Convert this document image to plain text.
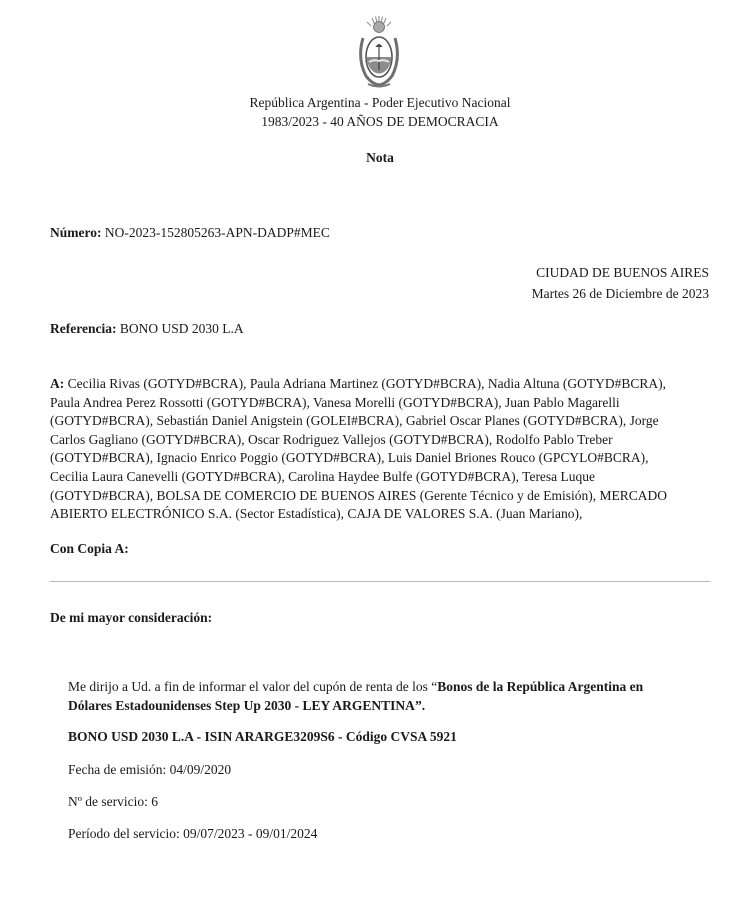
República Argentina - Poder Ejecutivo Nacional
1983/2023 - 40 AÑOS DE DEMOCRACIA
Nota
Número: NO-2023-152805263-APN-DADP#MEC
CIUDAD DE BUENOS AIRES
Martes 26 de Diciembre de 2023
Referencia: BONO USD 2030 L.A
A: Cecilia Rivas (GOTYD#BCRA), Paula Adriana Martinez (GOTYD#BCRA), Nadia Altuna (GOTYD#BCRA),
Paula Andrea Perez Rossotti (GOTYD#BCRA), Vanesa Morelli (GOTYD#BCRA), Juan Pablo Magarelli
(GOTYD#BCRA), Sebastián Daniel Anigstein (GOLEI#BCRA), Gabriel Oscar Planes (GOTYD#BCRA), Jorge
Carlos Gagliano (GOTYD#BCRA), Oscar Rodriguez Vallejos (GOTYD#BCRA), Rodolfo Pablo Treber
(GOTYD#BCRA), Ignacio Enrico Poggio (GOTYD#BCRA), Luis Daniel Briones Rouco (GPCYLO#BCRA),
Cecilia Laura Canevelli (GOTYD#BCRA), Carolina Haydee Bulfe (GOTYD#BCRA), Teresa Luque
(GOTYD#BCRA), BOLSA DE COMERCIO DE BUENOS AIRES (Gerente Técnico y de Emisión), MERCADO
ABIERTO ELECTRÓNICO S.A. (Sector Estadística), CAJA DE VALORES S.A. (Juan Mariano),
Con Copia A:
De mi mayor consideración:
Me dirijo a Ud. a fin de informar el valor del cupón de renta de los “Bonos de la República Argentina en
Dólares Estadounidenses Step Up 2030 - LEY ARGENTINA”.
BONO USD 2030 L.A - ISIN ARARGE3209S6 - Código CVSA 5921
Fecha de emisión: 04/09/2020
Nº de servicio: 6
Período del servicio: 09/07/2023 - 09/01/2024
